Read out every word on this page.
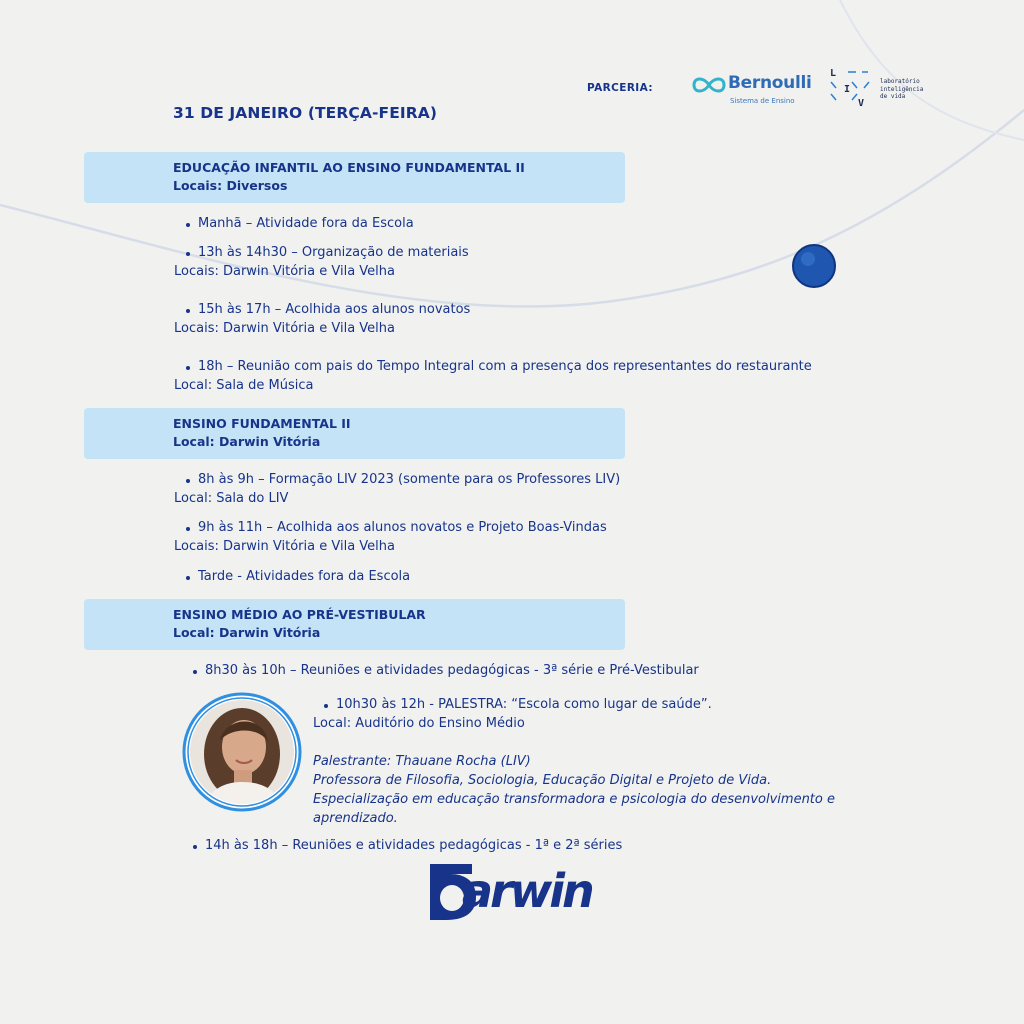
31 DE JANEIRO (TERÇA-FEIRA)
PARCERIA:	Bernoulli
Sistema de Ensino
L
I
V
laboratório
inteligência
de vida
EDUCAÇÃO INFANTIL AO ENSINO FUNDAMENTAL II
Locais: Diversos
Manhã – Atividade fora da Escola
13h às 14h30 – Organização de materiais
Locais: Darwin Vitória e Vila Velha
15h às 17h – Acolhida aos alunos novatos
Locais: Darwin Vitória e Vila Velha
18h – Reunião com pais do Tempo Integral com a presença dos representantes do restaurante
Local: Sala de Música
ENSINO FUNDAMENTAL II
Local: Darwin Vitória
8h às 9h – Formação LIV 2023 (somente para os Professores LIV)
Local: Sala do LIV
9h às 11h – Acolhida aos alunos novatos e Projeto Boas-Vindas
Locais: Darwin Vitória e Vila Velha
Tarde - Atividades fora da Escola
ENSINO MÉDIO AO PRÉ-VESTIBULAR
Local: Darwin Vitória
8h30 às 10h – Reuniões e atividades pedagógicas - 3ª série e Pré-Vestibular
10h30 às 12h - PALESTRA: “Escola como lugar de saúde”.
Local: Auditório do Ensino Médio
Palestrante: Thauane Rocha (LIV)
Professora de Filosofia, Sociologia, Educação Digital e Projeto de Vida.
Especialização em educação transformadora e psicologia do desenvolvimento e
aprendizado.
14h às 18h – Reuniões e atividades pedagógicas - 1ª e 2ª séries
arwin
